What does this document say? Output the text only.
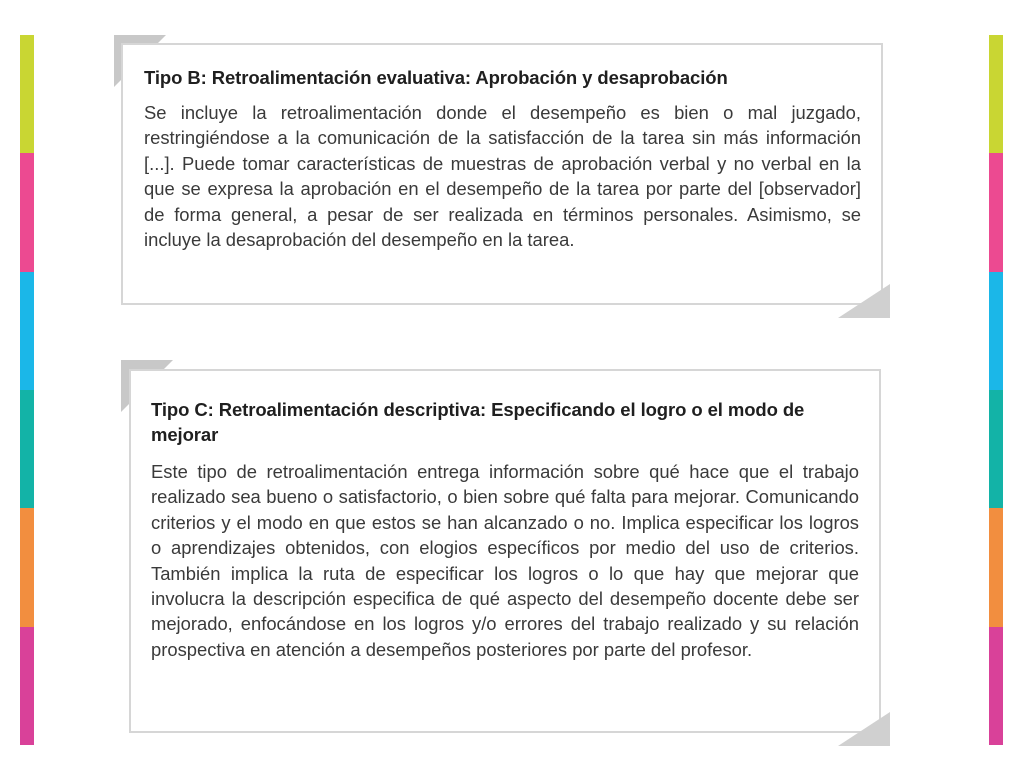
Tipo B: Retroalimentación evaluativa: Aprobación y desaprobación

Se incluye la retroalimentación donde el desempeño es bien o mal juzgado, restringiéndose a la comunicación de la satisfacción de la tarea sin más información [...]. Puede tomar características de muestras de aprobación verbal y no verbal en la que se expresa la aprobación en el desempeño de la tarea por parte del [observador] de forma general, a pesar de ser realizada en términos personales. Asimismo, se incluye la desaprobación del desempeño en la tarea.

Tipo C: Retroalimentación descriptiva: Especificando el logro o el modo de mejorar

Este tipo de retroalimentación entrega información sobre qué hace que el trabajo realizado sea bueno o satisfactorio, o bien sobre qué falta para mejorar. Comunicando criterios y el modo en que estos se han alcanzado o no. Implica especificar los logros o aprendizajes obtenidos, con elogios específicos por medio del uso de criterios. También implica la ruta de especificar los logros o lo que hay que mejorar que involucra la descripción especifica de qué aspecto del desempeño docente debe ser mejorado, enfocándose en los logros y/o errores del trabajo realizado y su relación prospectiva en atención a desempeños posteriores por parte del profesor.
